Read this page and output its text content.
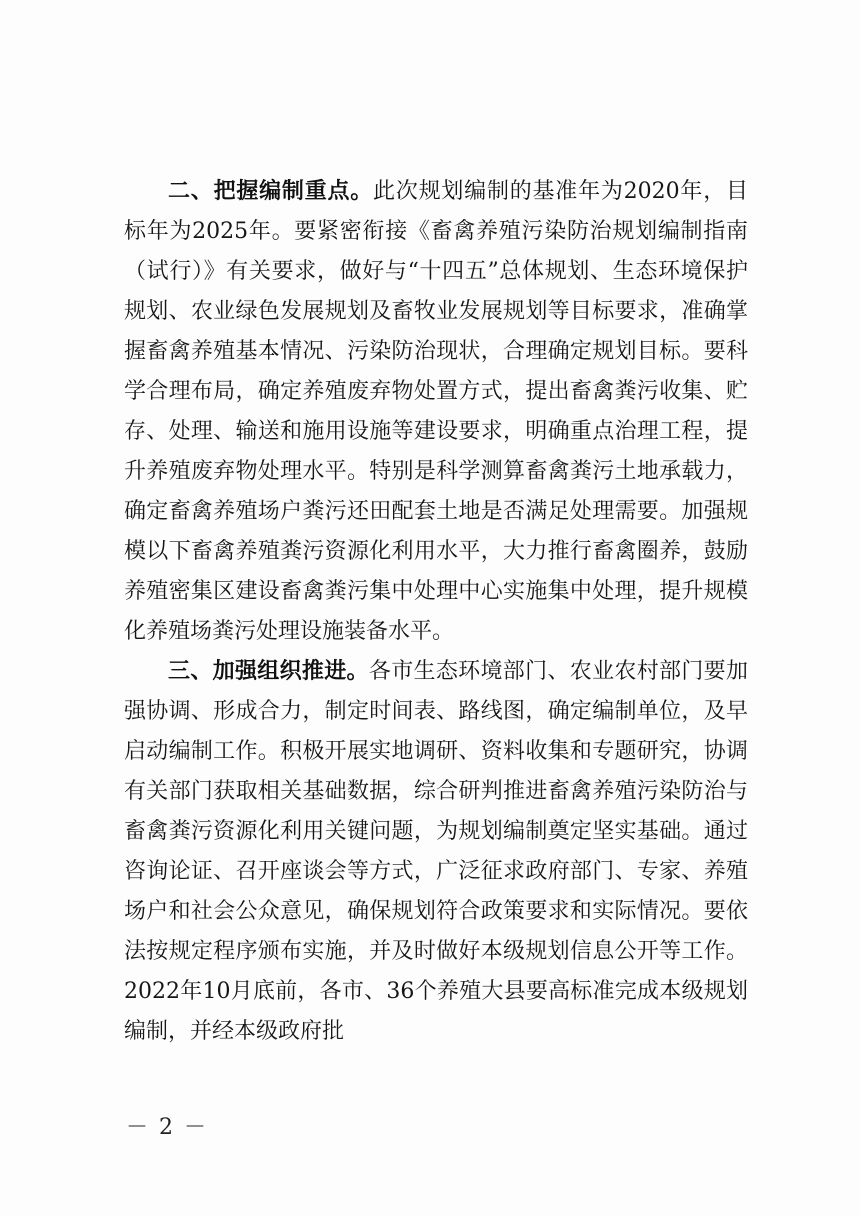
二、把握编制重点。此次规划编制的基准年为2020年，目标年为2025年。要紧密衔接《畜禽养殖污染防治规划编制指南（试行）》有关要求，做好与“十四五”总体规划、生态环境保护规划、农业绿色发展规划及畜牧业发展规划等目标要求，准确掌握畜禽养殖基本情况、污染防治现状，合理确定规划目标。要科学合理布局，确定养殖废弃物处置方式，提出畜禽粪污收集、贮存、处理、输送和施用设施等建设要求，明确重点治理工程，提升养殖废弃物处理水平。特别是科学测算畜禽粪污土地承载力，确定畜禽养殖场户粪污还田配套土地是否满足处理需要。加强规模以下畜禽养殖粪污资源化利用水平，大力推行畜禽圈养，鼓励养殖密集区建设畜禽粪污集中处理中心实施集中处理，提升规模化养殖场粪污处理设施装备水平。

三、加强组织推进。各市生态环境部门、农业农村部门要加强协调、形成合力，制定时间表、路线图，确定编制单位，及早启动编制工作。积极开展实地调研、资料收集和专题研究，协调有关部门获取相关基础数据，综合研判推进畜禽养殖污染防治与畜禽粪污资源化利用关键问题，为规划编制奠定坚实基础。通过咨询论证、召开座谈会等方式，广泛征求政府部门、专家、养殖场户和社会公众意见，确保规划符合政策要求和实际情况。要依法按规定程序颁布实施，并及时做好本级规划信息公开等工作。2022年10月底前，各市、36个养殖大县要高标准完成本级规划编制，并经本级政府批

－ 2 －
